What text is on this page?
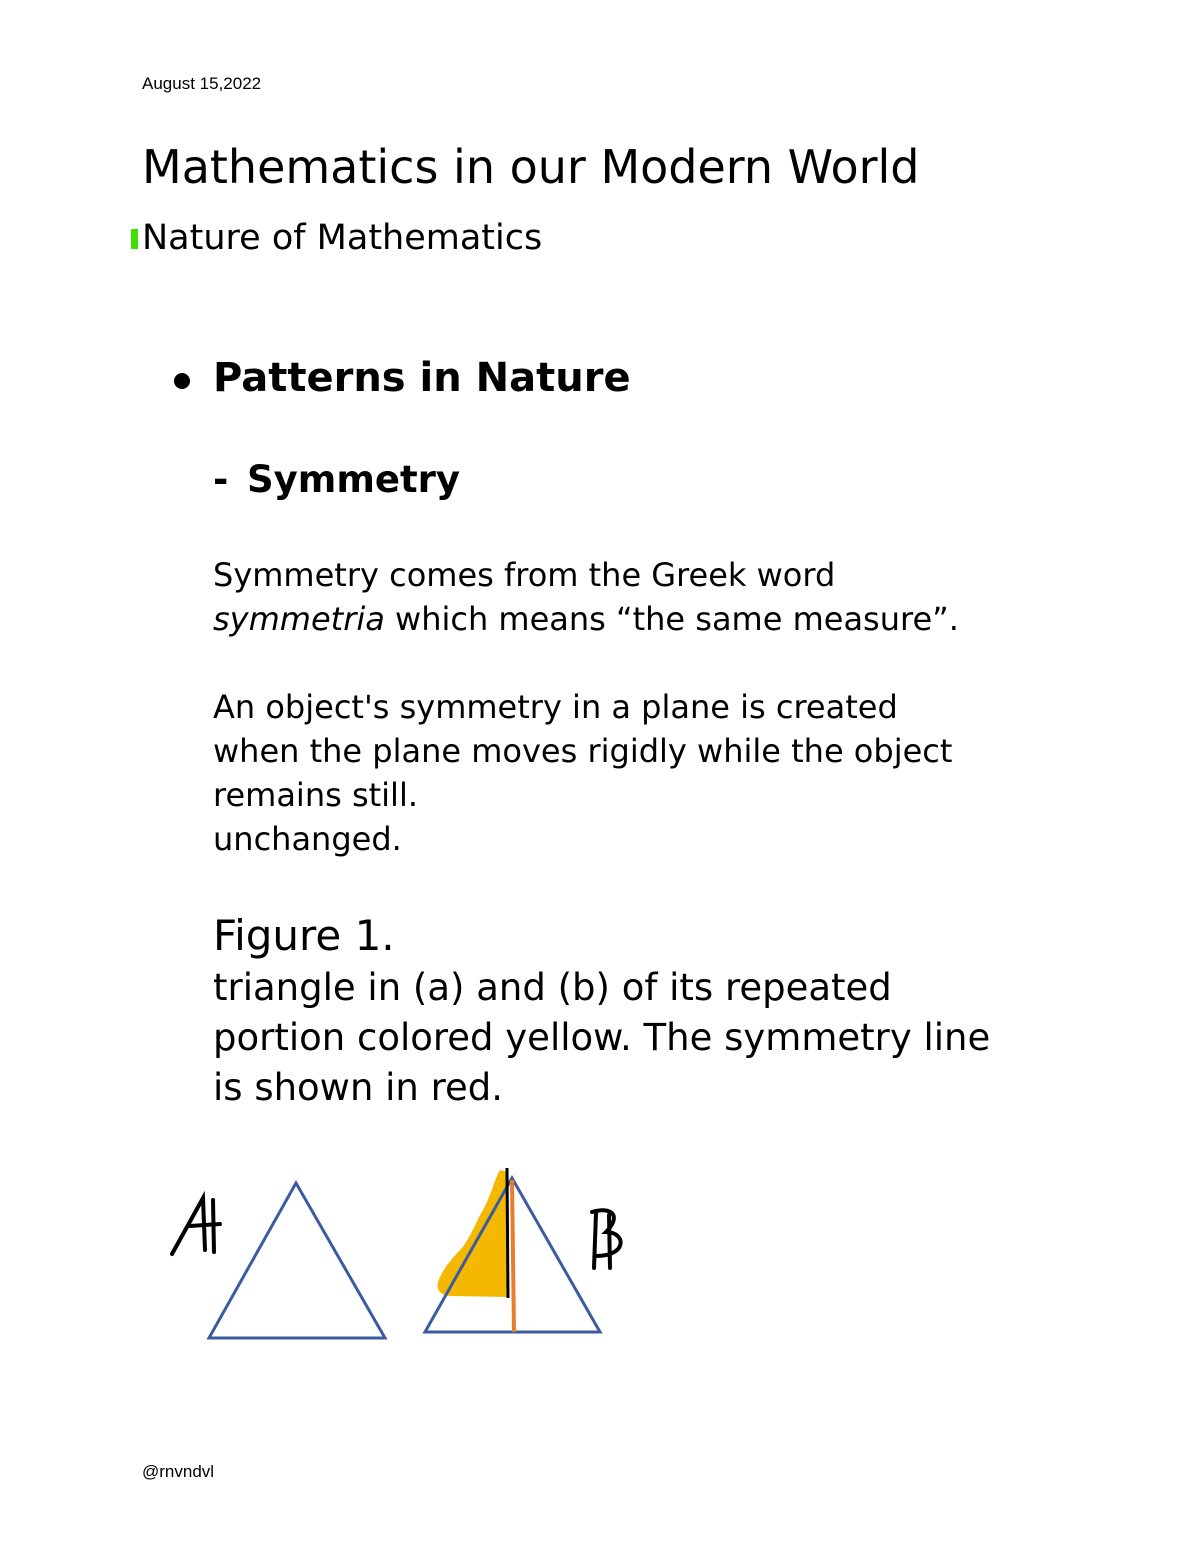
August 15,2022
Mathematics in our Modern World
Nature of Mathematics
Patterns in Nature
- Symmetry
Symmetry comes from the Greek word
symmetria which means “the same measure”.
An object's symmetry in a plane is created
when the plane moves rigidly while the object
remains still.
unchanged.
Figure 1.
triangle in (a) and (b) of its repeated
portion colored yellow. The symmetry line
is shown in red.
@rnvndvl
